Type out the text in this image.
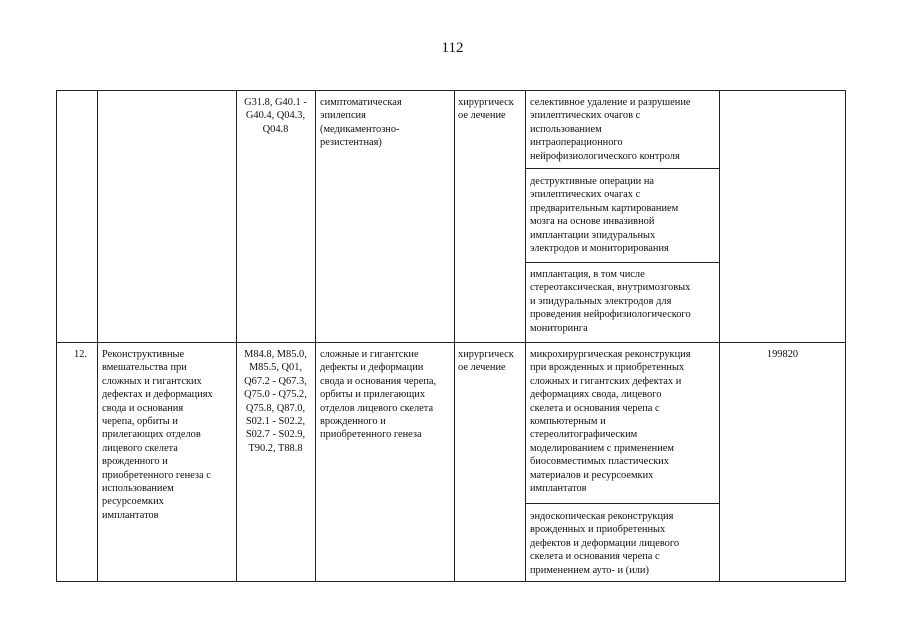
112
G31.8, G40.1 -
G40.4, Q04.3,
Q04.8
симптоматическая
эпилепсия
(медикаментозно-
резистентная)
хирургическ
ое лечение
селективное удаление и разрушение
эпилептических очагов с
использованием
интраоперационного
нейрофизиологического контроля
деструктивные операции на
эпилептических очагах с
предварительным картированием
мозга на основе инвазивной
имплантации эпидуральных
электродов и мониторирования
имплантация, в том числе
стереотаксическая, внутримозговых
и эпидуральных электродов для
проведения нейрофизиологического
мониторинга
12.	Реконструктивные
вмешательства при
сложных и гигантских
дефектах и деформациях
свода и основания
черепа, орбиты и
прилегающих отделов
лицевого скелета
врожденного и
приобретенного генеза с
использованием
ресурсоемких
имплантатов
M84.8, M85.0,
M85.5, Q01,
Q67.2 - Q67.3,
Q75.0 - Q75.2,
Q75.8, Q87.0,
S02.1 - S02.2,
S02.7 - S02.9,
T90.2, T88.8
сложные и гигантские
дефекты и деформации
свода и основания черепа,
орбиты и прилегающих
отделов лицевого скелета
врожденного и
приобретенного генеза
хирургическ
ое лечение
микрохирургическая реконструкция
при врожденных и приобретенных
сложных и гигантских дефектах и
деформациях свода, лицевого
скелета и основания черепа с
компьютерным и
стереолитографическим
моделированием с применением
биосовместимых пластических
материалов и ресурсоемких
имплантатов
эндоскопическая реконструкция
врожденных и приобретенных
дефектов и деформации лицевого
скелета и основания черепа с
применением ауто- и (или)
199820
